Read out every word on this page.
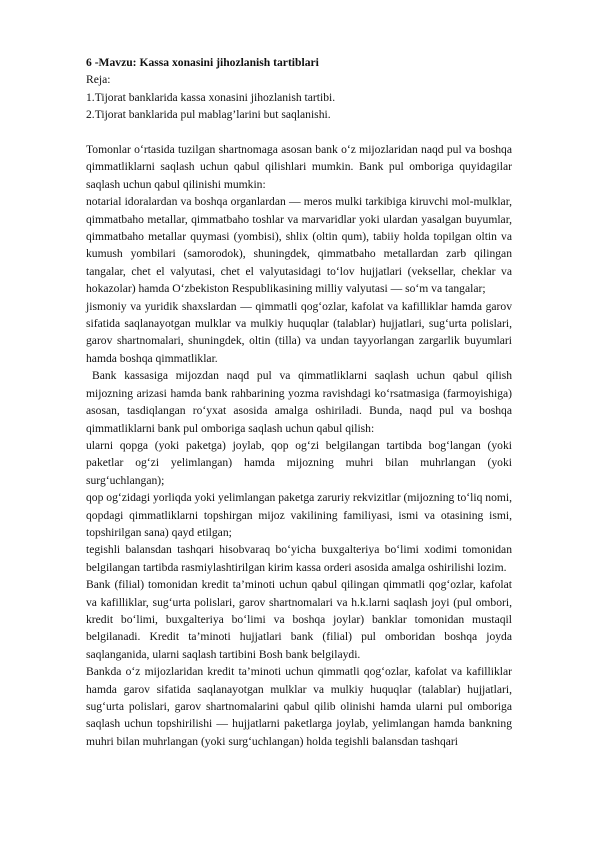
6 -Mavzu: Kassa xonasini jihozlanish tartiblari

Reja:

1.Tijorat banklarida kassa xonasini jihozlanish tartibi.

2.Tijorat banklarida pul mablag’larini but saqlanishi.

Tomonlar o‘rtasida tuzilgan shartnomaga asosan bank o‘z mijozlaridan naqd pul va boshqa qimmatliklarni saqlash uchun qabul qilishlari mumkin. Bank pul omboriga quyidagilar saqlash uchun qabul qilinishi mumkin:

notarial idoralardan va boshqa organlardan — meros mulki tarkibiga kiruvchi mol-mulklar, qimmatbaho metallar, qimmatbaho toshlar va marvaridlar yoki ulardan yasalgan buyumlar, qimmatbaho metallar quymasi (yombisi), shlix (oltin qum), tabiiy holda topilgan oltin va kumush yombilari (samorodok), shuningdek, qimmatbaho metallardan zarb qilingan tangalar, chet el valyutasi, chet el valyutasidagi to‘lov hujjatlari (veksellar, cheklar va hokazolar) hamda O‘zbekiston Respublikasining milliy valyutasi — so‘m va tangalar;

jismoniy va yuridik shaxslardan — qimmatli qog‘ozlar, kafolat va kafilliklar hamda garov sifatida saqlanayotgan mulklar va mulkiy huquqlar (talablar) hujjatlari, sug‘urta polislari, garov shartnomalari, shuningdek, oltin (tilla) va undan tayyorlangan zargarlik buyumlari hamda boshqa qimmatliklar.

Bank kassasiga mijozdan naqd pul va qimmatliklarni saqlash uchun qabul qilish mijozning arizasi hamda bank rahbarining yozma ravishdagi ko‘rsatmasiga (farmoyishiga) asosan, tasdiqlangan ro‘yxat asosida amalga oshiriladi. Bunda, naqd pul va boshqa qimmatliklarni bank pul omboriga saqlash uchun qabul qilish:

ularni qopga (yoki paketga) joylab, qop og‘zi belgilangan tartibda bog‘langan (yoki paketlar og‘zi yelimlangan) hamda mijozning muhri bilan muhrlangan (yoki surg‘uchlangan);

qop og‘zidagi yorliqda yoki yelimlangan paketga zaruriy rekvizitlar (mijozning to‘liq nomi, qopdagi qimmatliklarni topshirgan mijoz vakilining familiyasi, ismi va otasining ismi, topshirilgan sana) qayd etilgan;

tegishli balansdan tashqari hisobvaraq bo‘yicha buxgalteriya bo‘limi xodimi tomonidan belgilangan tartibda rasmiylashtirilgan kirim kassa orderi asosida amalga oshirilishi lozim.

Bank (filial) tomonidan kredit ta’minoti uchun qabul qilingan qimmatli qog‘ozlar, kafolat va kafilliklar, sug‘urta polislari, garov shartnomalari va h.k.larni saqlash joyi (pul ombori, kredit bo‘limi, buxgalteriya bo‘limi va boshqa joylar) banklar tomonidan mustaqil belgilanadi. Kredit ta’minoti hujjatlari bank (filial) pul omboridan boshqa joyda saqlanganida, ularni saqlash tartibini Bosh bank belgilaydi.

Bankda o‘z mijozlaridan kredit ta’minoti uchun qimmatli qog‘ozlar, kafolat va kafilliklar hamda garov sifatida saqlanayotgan mulklar va mulkiy huquqlar (talablar) hujjatlari, sug‘urta polislari, garov shartnomalarini qabul qilib olinishi hamda ularni pul omboriga saqlash uchun topshirilishi — hujjatlarni paketlarga joylab, yelimlangan hamda bankning muhri bilan muhrlangan (yoki surg‘uchlangan) holda tegishli balansdan tashqari
